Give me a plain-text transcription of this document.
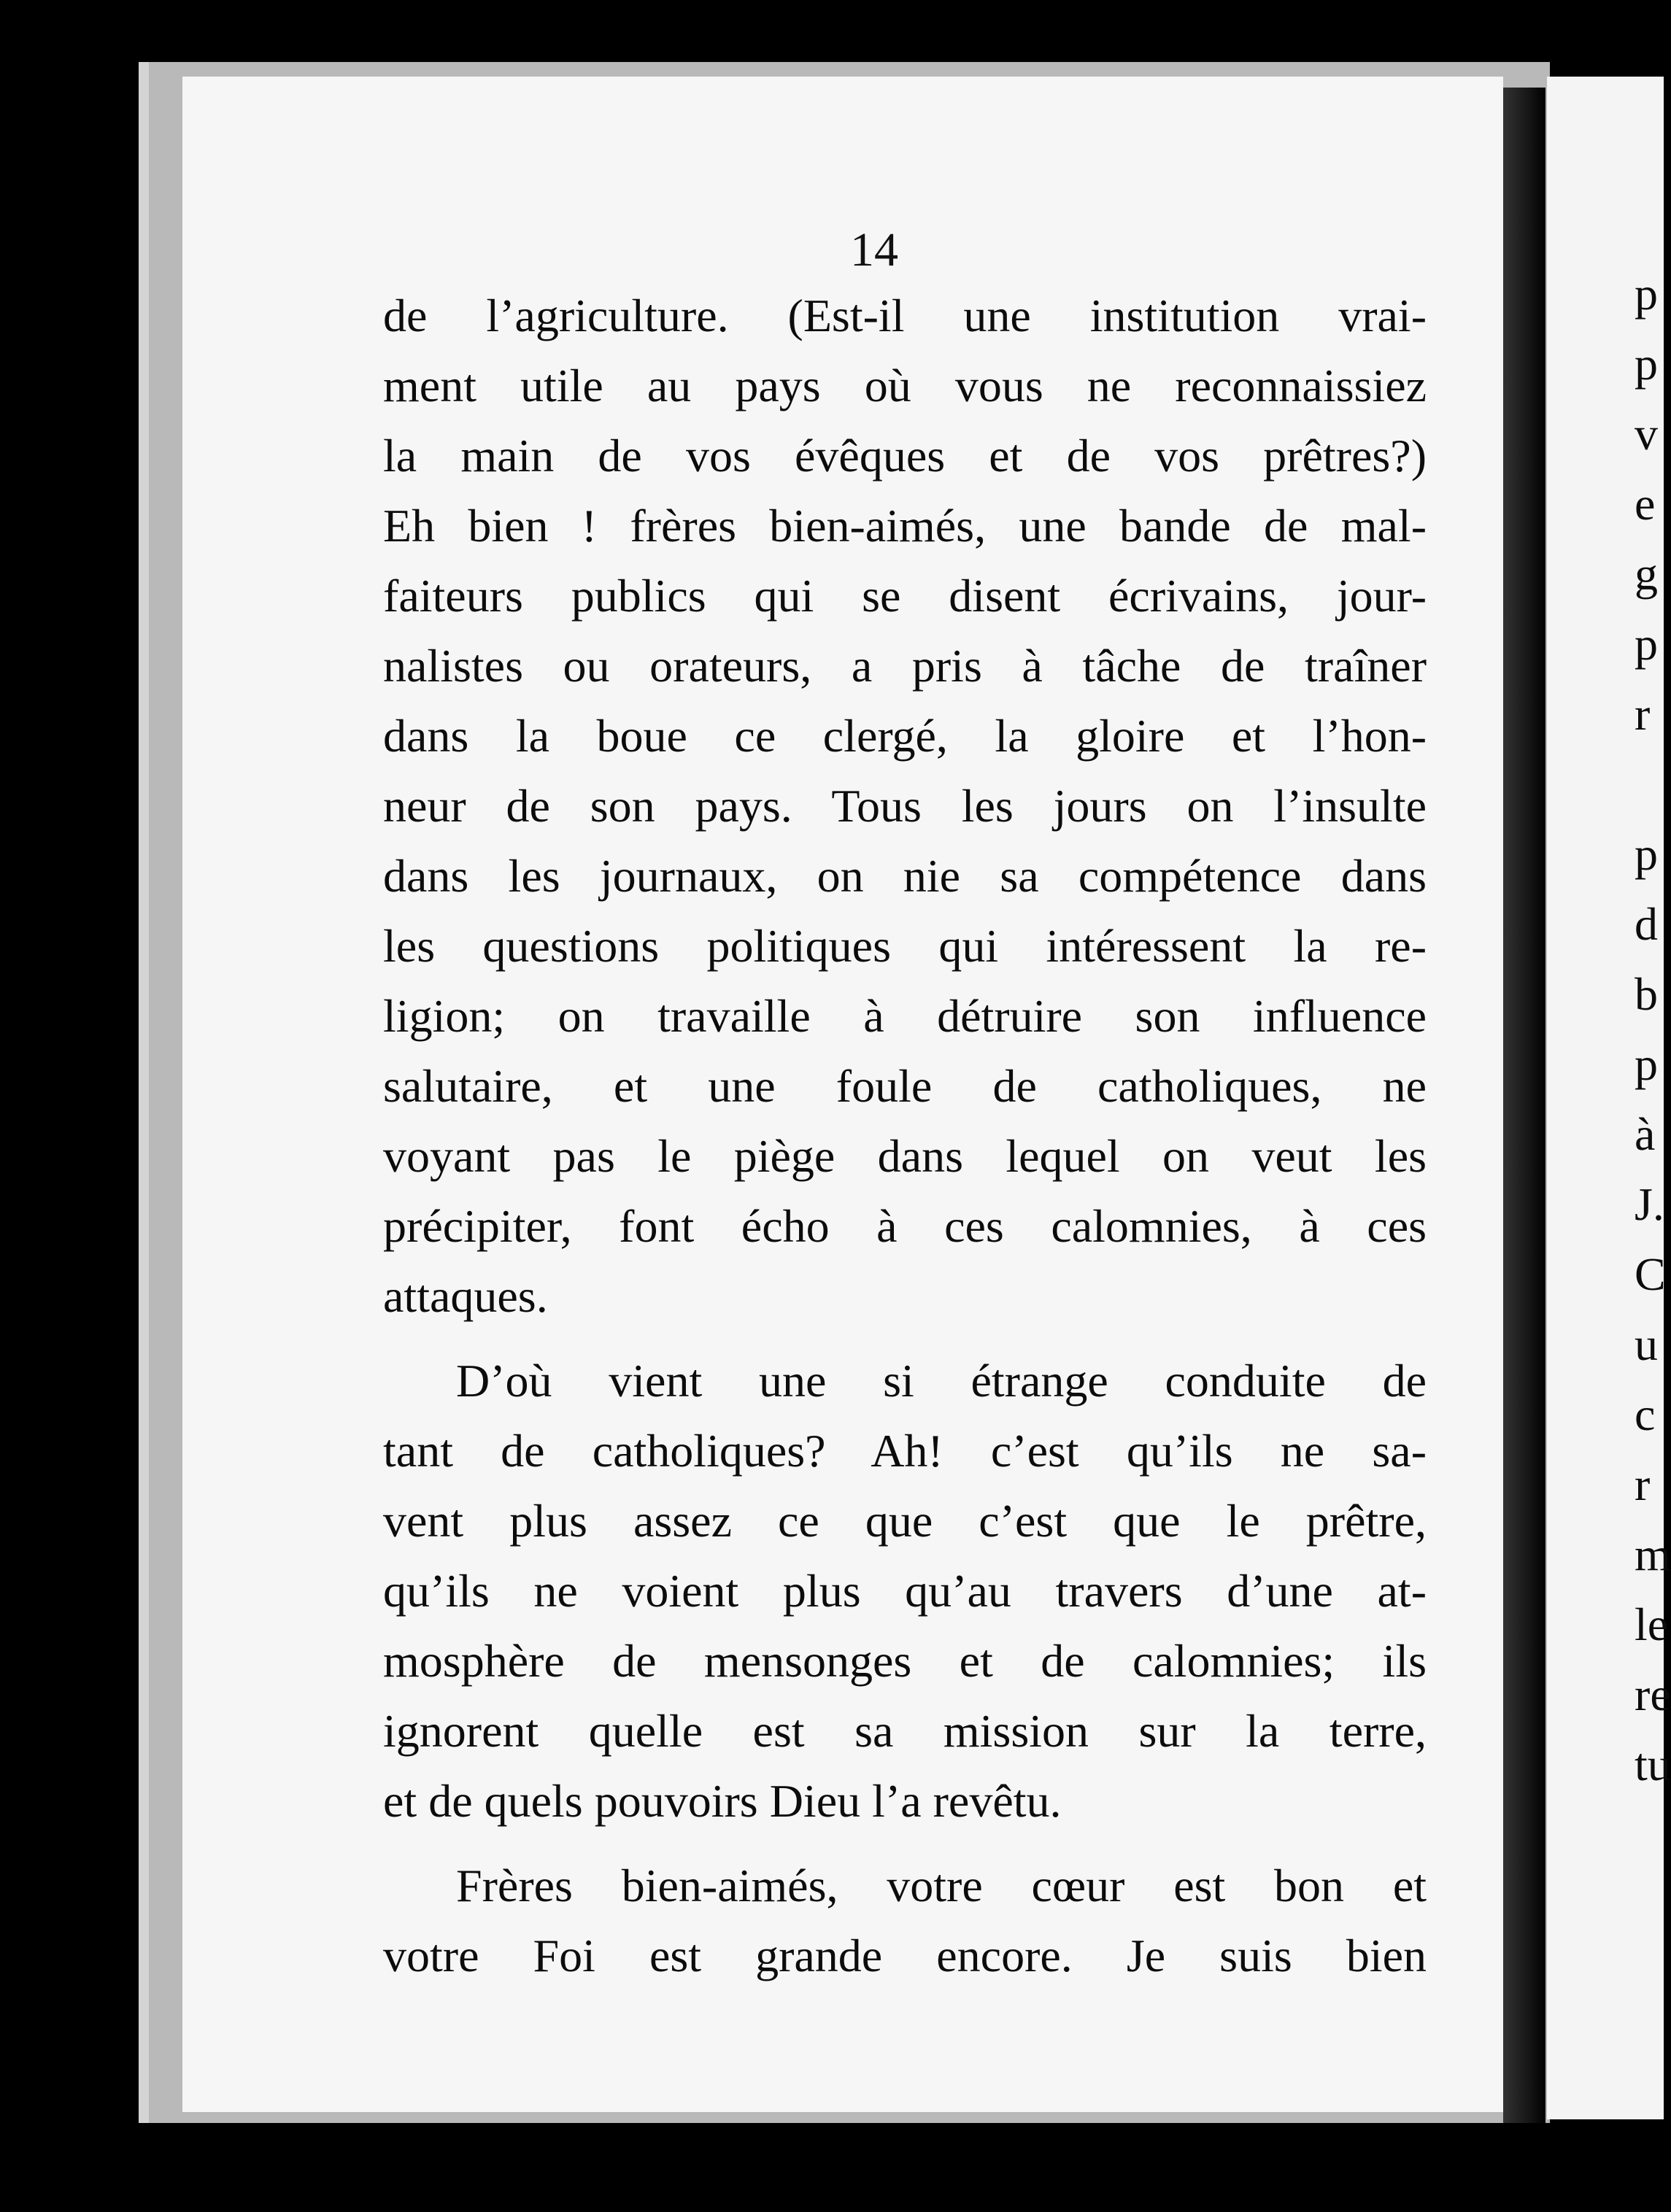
14
de l’agriculture. (Est-il une institution vrai-
ment utile au pays où vous ne reconnaissiez
la main de vos évêques et de vos prêtres?)
Eh bien ! frères bien-aimés, une bande de mal-
faiteurs publics qui se disent écrivains, jour-
nalistes ou orateurs, a pris à tâche de traîner
dans la boue ce clergé, la gloire et l’hon-
neur de son pays. Tous les jours on l’insulte
dans les journaux, on nie sa compétence dans
les questions politiques qui intéressent la re-
ligion; on travaille à détruire son influence
salutaire, et une foule de catholiques, ne
voyant pas le piège dans lequel on veut les
précipiter, font écho à ces calomnies, à ces
attaques.
D’où vient une si étrange conduite de
tant de catholiques? Ah! c’est qu’ils ne sa-
vent plus assez ce que c’est que le prêtre,
qu’ils ne voient plus qu’au travers d’une at-
mosphère de mensonges et de calomnies; ils
ignorent quelle est sa mission sur la terre,
et de quels pouvoirs Dieu l’a revêtu.
Frères bien-aimés, votre cœur est bon et
votre Foi est grande encore. Je suis bien
p
p
v
e
g
p
r
p
d
b
p
à
J.
C
u
c
r
m
le
re
tu
